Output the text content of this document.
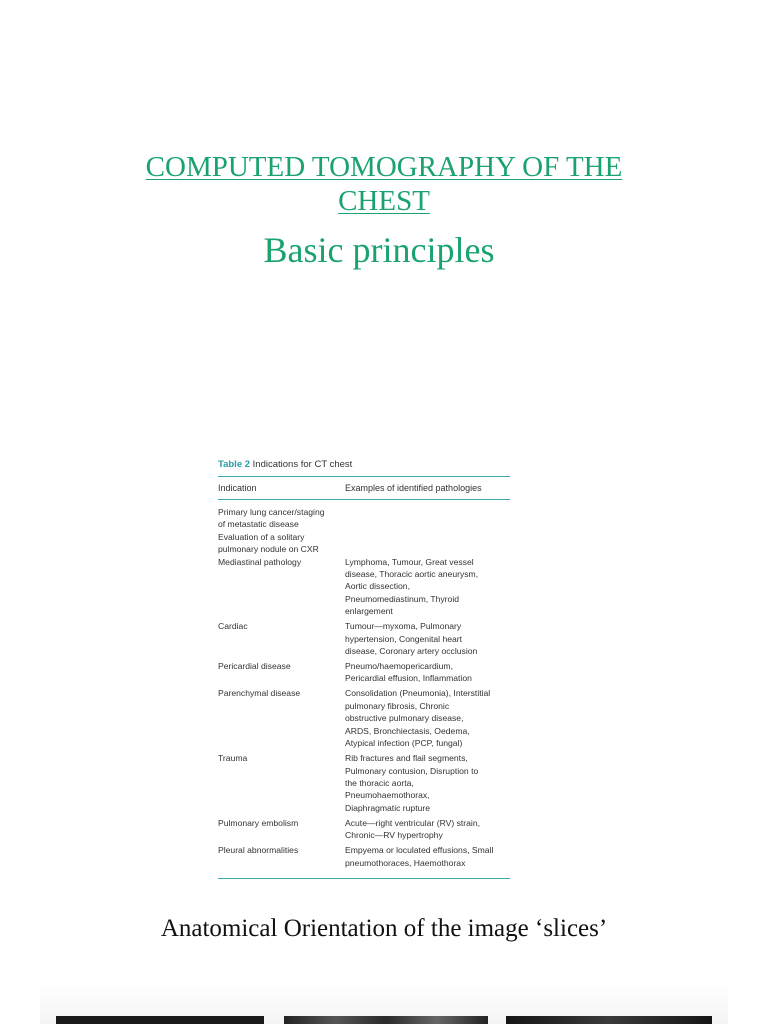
COMPUTED TOMOGRAPHY OF THE
CHEST
Basic principles
Table 2 Indications for CT chest
Indication	Examples of identified pathologies
Primary lung cancer/staging
of metastatic disease
Evaluation of a solitary
pulmonary nodule on CXR
Mediastinal pathology	Lymphoma, Tumour, Great vessel
disease, Thoracic aortic aneurysm,
Aortic dissection,
Pneumomediastinum, Thyroid
enlargement
Cardiac	Tumour—myxoma, Pulmonary
hypertension, Congenital heart
disease, Coronary artery occlusion
Pericardial disease	Pneumo/haemopericardium,
Pericardial effusion, Inflammation
Parenchymal disease	Consolidation (Pneumonia), Interstitial
pulmonary fibrosis, Chronic
obstructive pulmonary disease,
ARDS, Bronchiectasis, Oedema,
Atypical infection (PCP, fungal)
Trauma	Rib fractures and flail segments,
Pulmonary contusion, Disruption to
the thoracic aorta,
Pneumohaemothorax,
Diaphragmatic rupture
Pulmonary embolism	Acute—right ventricular (RV) strain,
Chronic—RV hypertrophy
Pleural abnormalities	Empyema or loculated effusions, Small
pneumothoraces, Haemothorax
Anatomical Orientation of the image ‘slices’
